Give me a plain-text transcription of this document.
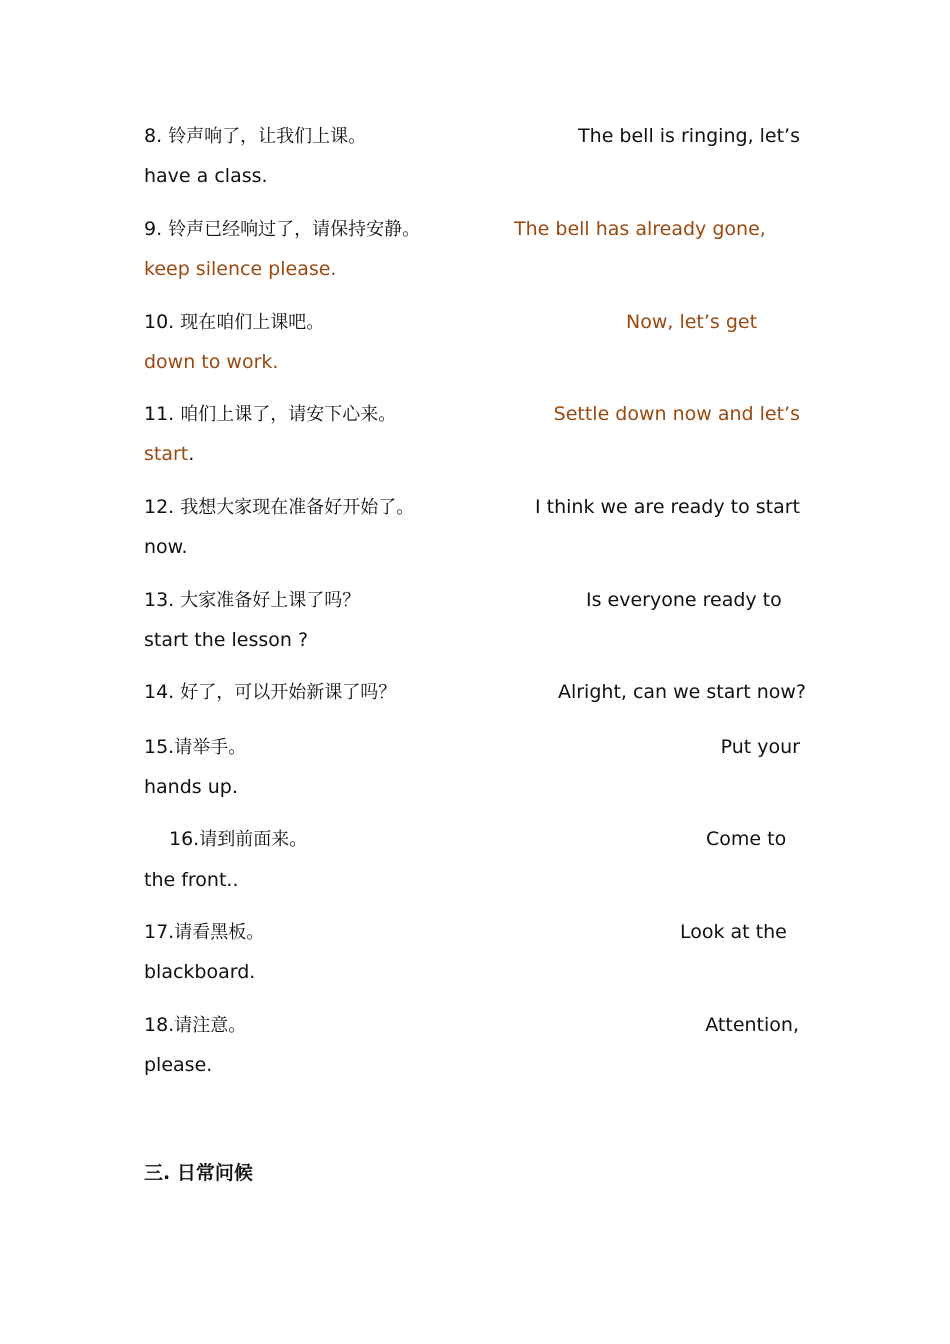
8. 铃声响了，让我们上课。	The bell is ringing, let’s
have a class.
9. 铃声已经响过了，请保持安静。	The bell has already gone,
keep silence please.
10. 现在咱们上课吧。	Now, let’s get
down to work.
11. 咱们上课了，请安下心来。	Settle down now and let’s
start.
12. 我想大家现在准备好开始了。	I think we are ready to start
now.
13. 大家准备好上课了吗？	Is everyone ready to
start the lesson ?
14. 好了，可以开始新课了吗？	Alright, can we start now?
15.请举手。	Put your
hands up.
16.请到前面来。	Come to
the front..
17.请看黑板。	Look at the
blackboard.
18.请注意。	Attention,
please.
三. 日常问候
